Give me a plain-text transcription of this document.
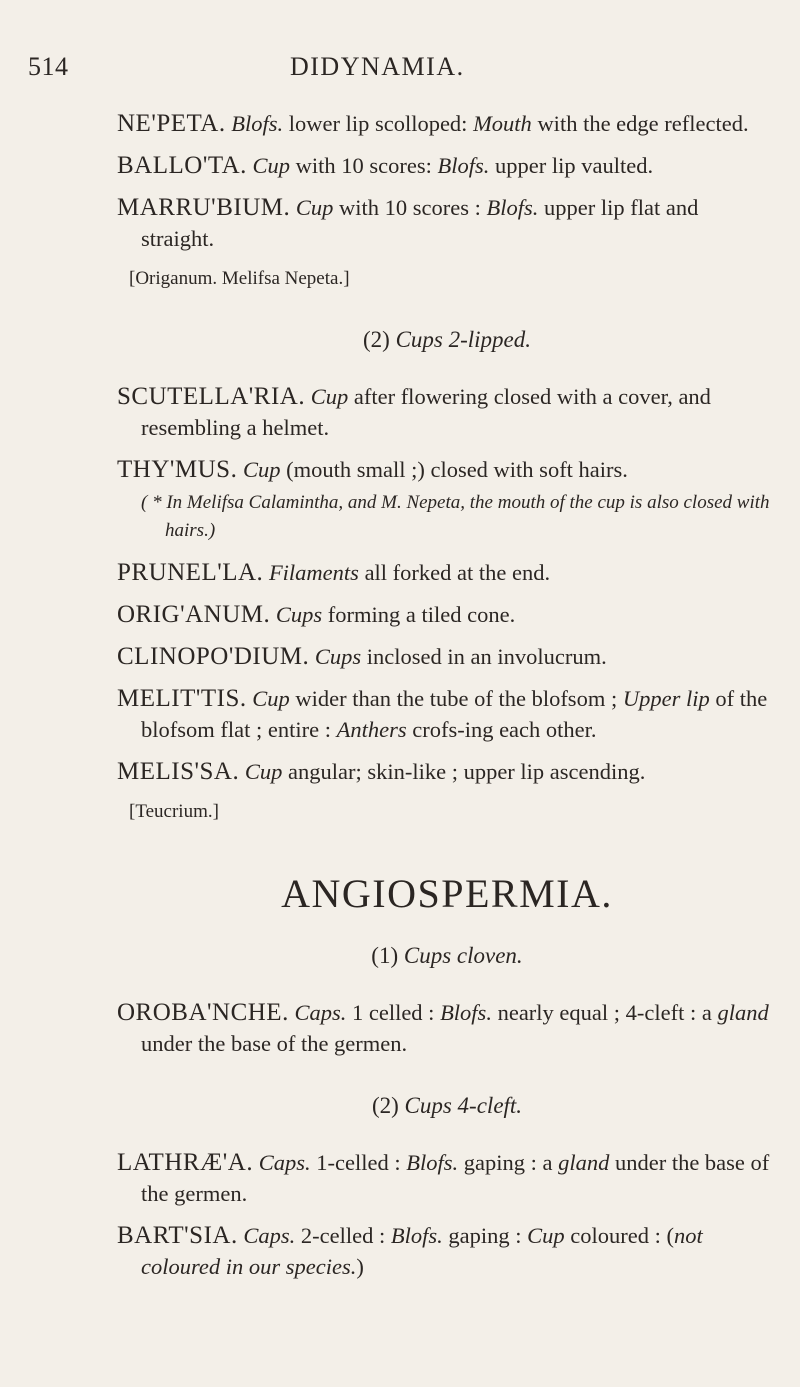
514	DIDYNAMIA.

NE'PETA. Blofs. lower lip scolloped: Mouth with the edge reflected.

BALLO'TA. Cup with 10 scores: Blofs. upper lip vaulted.

MARRU'BIUM. Cup with 10 scores : Blofs. upper lip flat and straight.

[Origanum. Melifsa Nepeta.]

(2) Cups 2-lipped.

SCUTELLA'RIA. Cup after flowering closed with a cover, and resembling a helmet.

THY'MUS. Cup (mouth small ;) closed with soft hairs.

( * In Melifsa Calamintha, and M. Nepeta, the mouth of the cup is also closed with hairs.)

PRUNEL'LA. Filaments all forked at the end.

ORIG'ANUM. Cups forming a tiled cone.

CLINOPO'DIUM. Cups inclosed in an involucrum.

MELIT'TIS. Cup wider than the tube of the blofsom ; Upper lip of the blofsom flat ; entire : Anthers crofs-ing each other.

MELIS'SA. Cup angular; skin-like ; upper lip ascending.

[Teucrium.]

ANGIOSPERMIA.

(1) Cups cloven.

OROBA'NCHE. Caps. 1 celled : Blofs. nearly equal ; 4-cleft : a gland under the base of the germen.

(2) Cups 4-cleft.

LATHRÆ'A. Caps. 1-celled : Blofs. gaping : a gland under the base of the germen.

BART'SIA. Caps. 2-celled : Blofs. gaping : Cup coloured : (not coloured in our species.)
